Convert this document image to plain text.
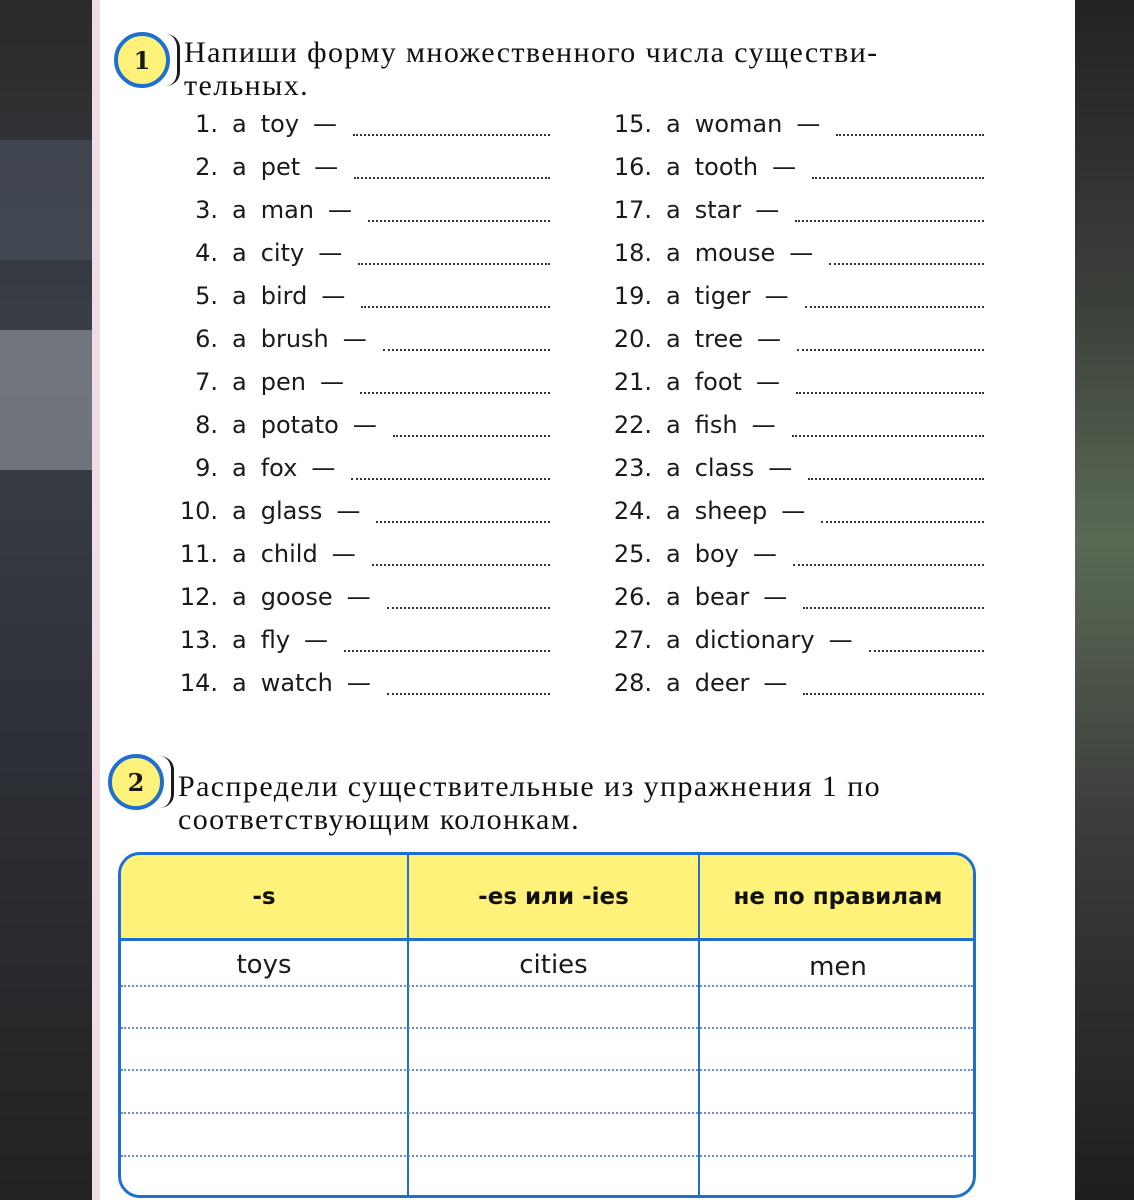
1	Напиши форму множественного числа существи-
тельных.
1. a toy —
2. a pet —
3. a man —
4. a city —
5. a bird —
6. a brush —
7. a pen —
8. a potato —
9. a fox —
10. a glass —
11. a child —
12. a goose —
13. a fly —
14. a watch —
15. a woman —
16. a tooth —
17. a star —
18. a mouse —
19. a tiger —
20. a tree —
21. a foot —
22. a fish —
23. a class —
24. a sheep —
25. a boy —
26. a bear —
27. a dictionary —
28. a deer —
2	Распредели существительные из упражнения 1 по
соответствующим колонкам.
-s	-es или -ies	не по правилам
toys	cities	men
